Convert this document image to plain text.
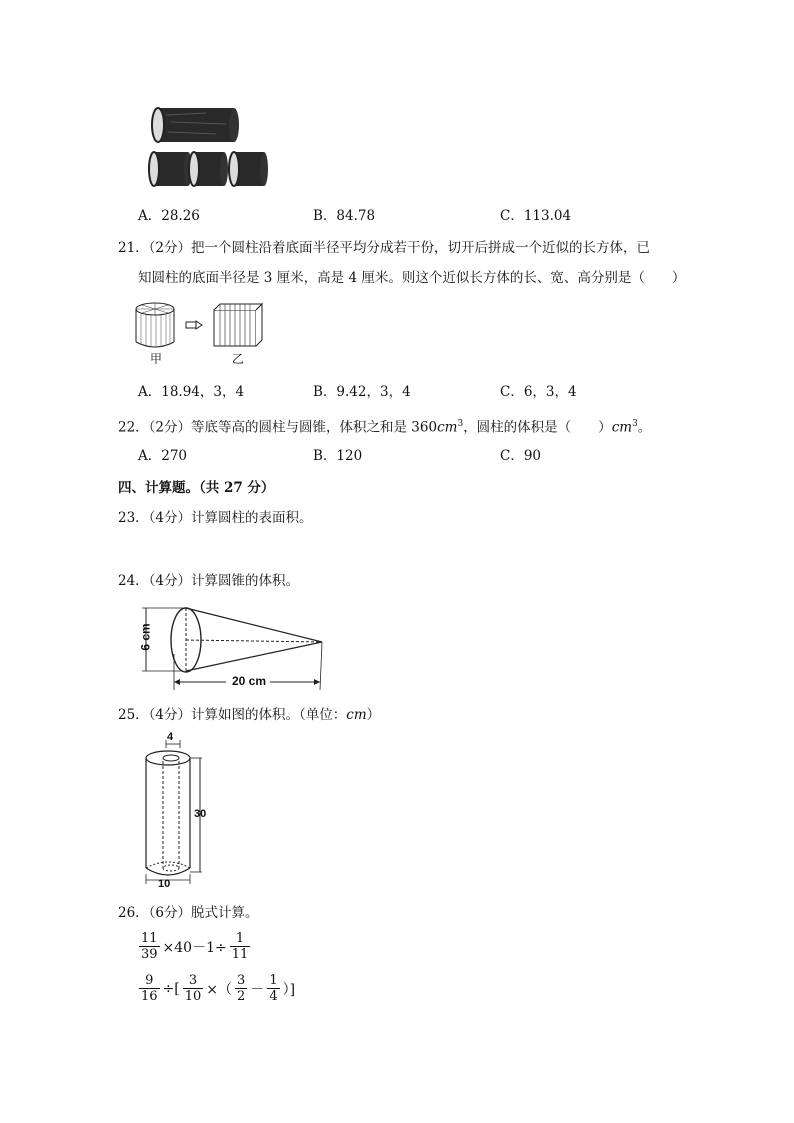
A．28.26	B．84.78	C．113.04
21．（2分）把一个圆柱沿着底面半径平均分成若干份，切开后拼成一个近似的长方体，已
知圆柱的底面半径是 3 厘米，高是 4 厘米。则这个近似长方体的长、宽、高分别是（　　）
甲	乙
A．18.94，3，4	B．9.42，3，4	C．6，3，4
22．（2分）等底等高的圆柱与圆锥，体积之和是 $360cm^3$，圆柱的体积是（　　）$cm^3$。
A．270	B．120	C．90
四、计算题。（共 27 分）
23．（4分）计算圆柱的表面积。
24．（4分）计算圆锥的体积。
6 cm
20 cm
25．（4分）计算如图的体积。（单位：cm）
4
30
10
26．（6分）脱式计算。
$\frac{11}{39} \times 40-1\div \frac{1}{11}$
$\frac{9}{16}$ ÷[ $\frac{3}{10}$ ×（ $\frac{3}{2} - \frac{1}{4}$ ）]
